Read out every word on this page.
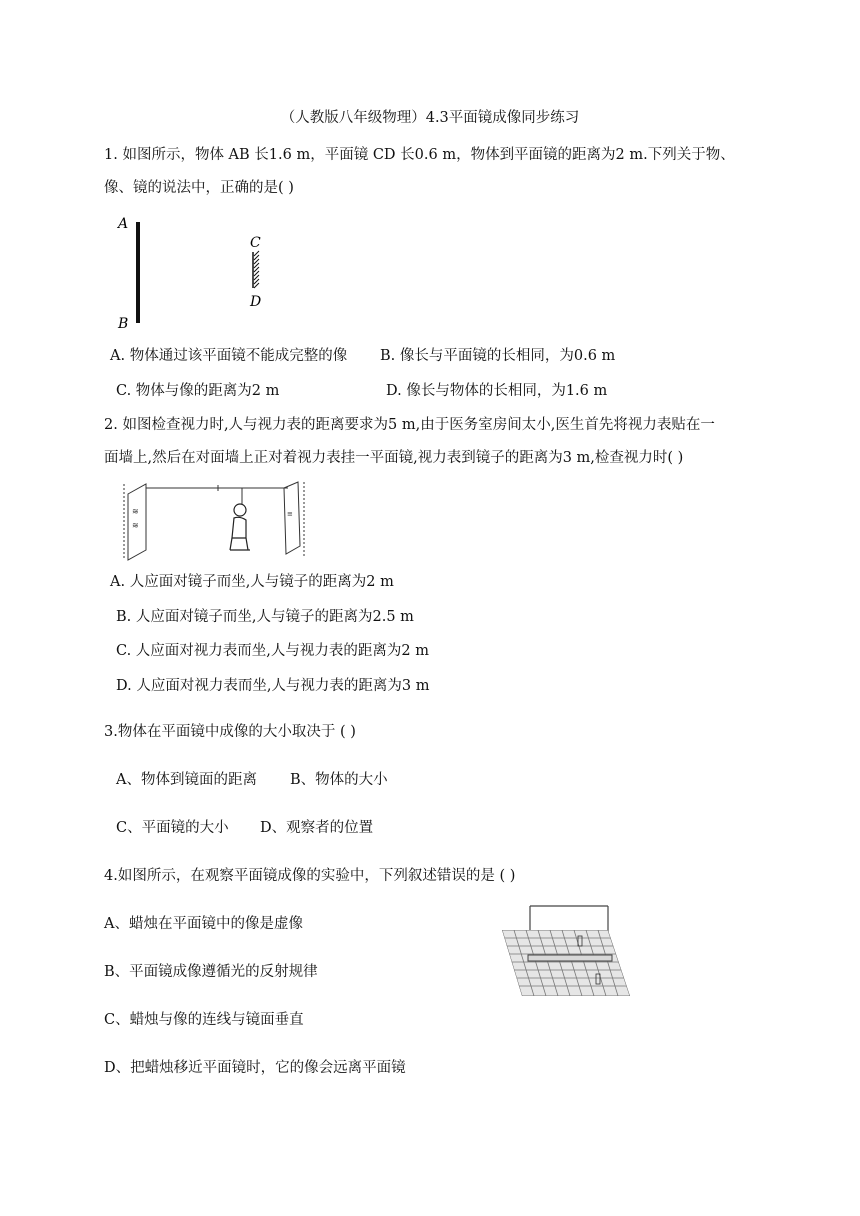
（人教版八年级物理）4.3平面镜成像同步练习
1. 如图所示，物体 AB 长1.6 m，平面镜 CD 长0.6 m，物体到平面镜的距离为2 m.下列关于物、
像、镜的说法中，正确的是( )
A
B
C
D
A. 物体通过该平面镜不能成完整的像 B. 像长与平面镜的长相同，为0.6 m
C. 物体与像的距离为2 m	D. 像长与物体的长相同，为1.6 m
2. 如图检查视力时,人与视力表的距离要求为5 m,由于医务室房间太小,医生首先将视力表贴在一
面墙上,然后在对面墙上正对着视力表挂一平面镜,视力表到镜子的距离为3 m,检查视力时( )
≋
≋
≡
A. 人应面对镜子而坐,人与镜子的距离为2 m
B. 人应面对镜子而坐,人与镜子的距离为2.5 m
C. 人应面对视力表而坐,人与视力表的距离为2 m
D. 人应面对视力表而坐,人与视力表的距离为3 m
3.物体在平面镜中成像的大小取决于 ( )
A、物体到镜面的距离 B、物体的大小
C、平面镜的大小 D、观察者的位置
4.如图所示，在观察平面镜成像的实验中，下列叙述错误的是 ( )
A、蜡烛在平面镜中的像是虚像
B、平面镜成像遵循光的反射规律
C、蜡烛与像的连线与镜面垂直
D、把蜡烛移近平面镜时，它的像会远离平面镜
